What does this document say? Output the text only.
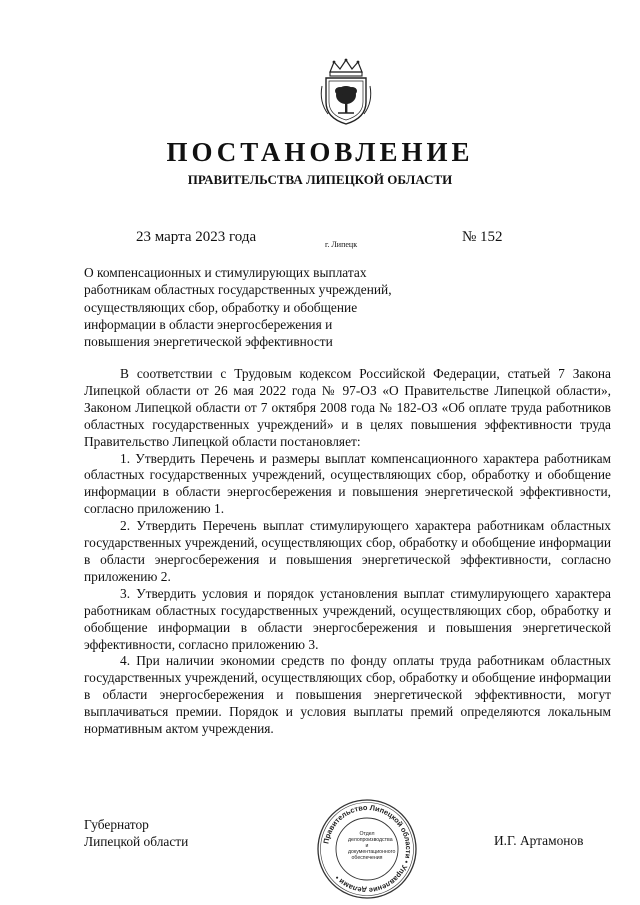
ПОСТАНОВЛЕНИЕ
ПРАВИТЕЛЬСТВА ЛИПЕЦКОЙ ОБЛАСТИ
23 марта 2023 года	г. Липецк	№ 152
О компенсационных и стимулирующих выплатах
работникам областных государственных учреждений,
осуществляющих сбор, обработку и обобщение
информации в области энергосбережения и
повышения энергетической эффективности

В соответствии с Трудовым кодексом Российской Федерации, статьей 7 Закона Липецкой области от 26 мая 2022 года № 97-ОЗ «О Правительстве Липецкой области», Законом Липецкой области от 7 октября 2008 года № 182-ОЗ «Об оплате труда работников областных государственных учреждений» и в целях повышения эффективности труда Правительство Липецкой области постановляет:

1. Утвердить Перечень и размеры выплат компенсационного характера работникам областных государственных учреждений, осуществляющих сбор, обработку и обобщение информации в области энергосбережения и повышения энергетической эффективности, согласно приложению 1.

2. Утвердить Перечень выплат стимулирующего характера работникам областных государственных учреждений, осуществляющих сбор, обработку и обобщение информации в области энергосбережения и повышения энергетической эффективности, согласно приложению 2.

3. Утвердить условия и порядок установления выплат стимулирующего характера работникам областных государственных учреждений, осуществляющих сбор, обработку и обобщение информации в области энергосбережения и повышения энергетической эффективности, согласно приложению 3.

4. При наличии экономии средств по фонду оплаты труда работникам областных государственных учреждений, осуществляющих сбор, обработку и обобщение информации в области энергосбережения и повышения энергетической эффективности, могут выплачиваться премии. Порядок и условия выплаты премий определяются локальным нормативным актом учреждения.

Губернатор
Липецкой области	Правительство Липецкой области • Управление делами •
Отдел
делопроизводства и
документационного
обеспечения
И.Г. Артамонов
